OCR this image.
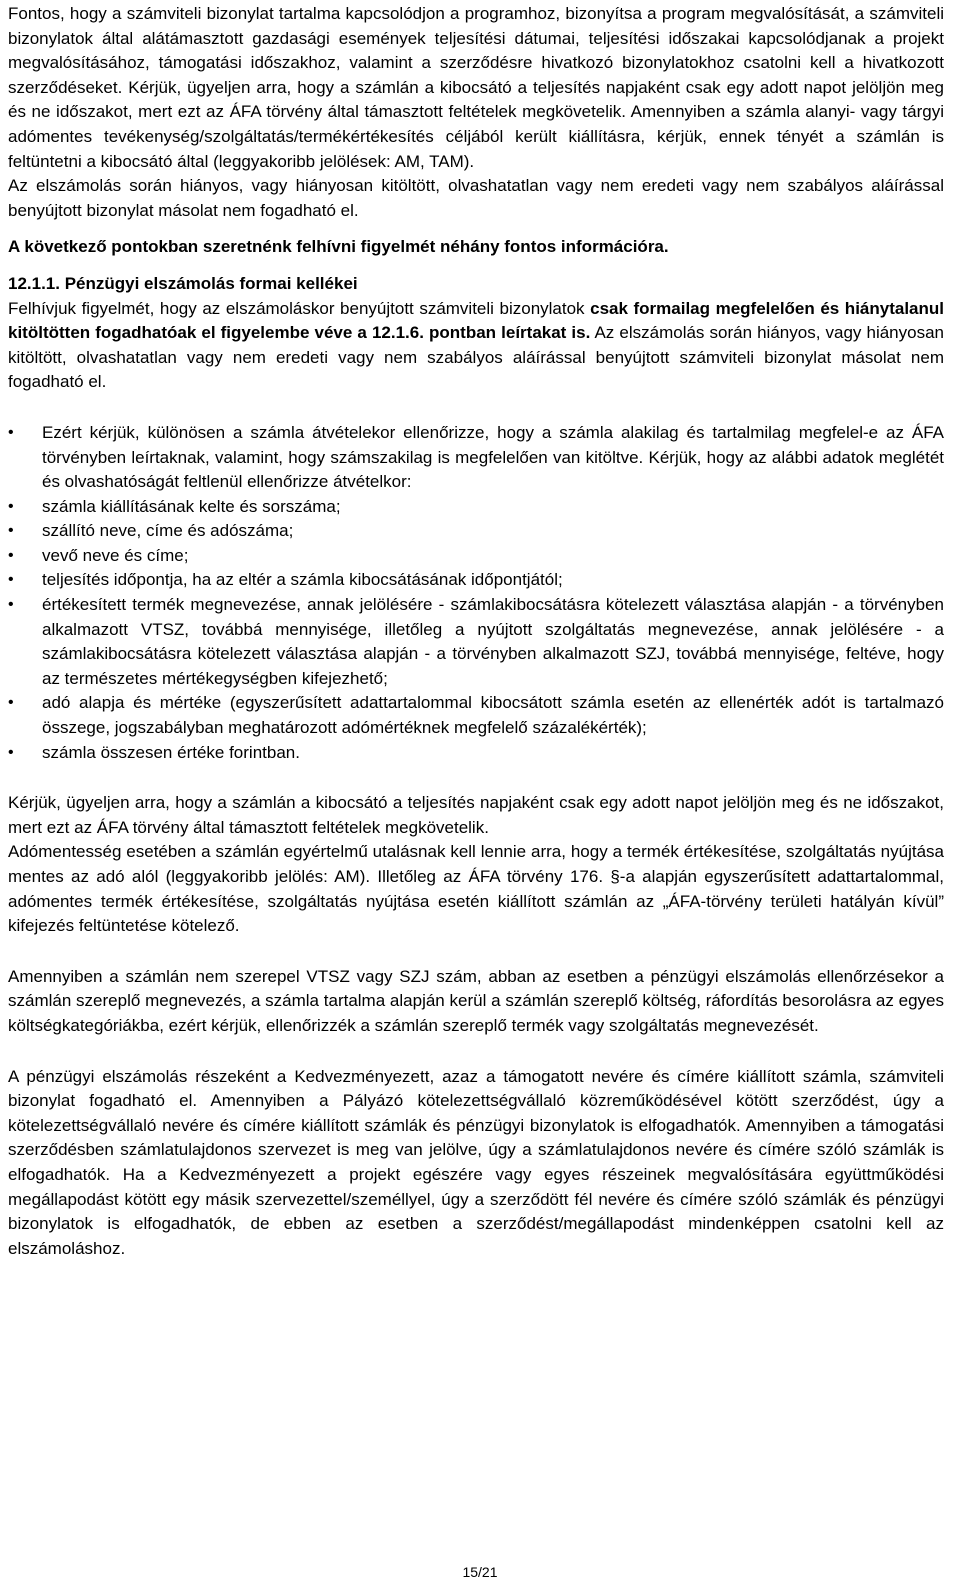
Fontos, hogy a számviteli bizonylat tartalma kapcsolódjon a programhoz, bizonyítsa a program megvalósítását, a számviteli bizonylatok által alátámasztott gazdasági események teljesítési dátumai, teljesítési időszakai kapcsolódjanak a projekt megvalósításához, támogatási időszakhoz, valamint a szerződésre hivatkozó bizonylatokhoz csatolni kell a hivatkozott szerződéseket. Kérjük, ügyeljen arra, hogy a számlán a kibocsátó a teljesítés napjaként csak egy adott napot jelöljön meg és ne időszakot, mert ezt az ÁFA törvény által támasztott feltételek megkövetelik. Amennyiben a számla alanyi- vagy tárgyi adómentes tevékenység/szolgáltatás/termékértékesítés céljából került kiállításra, kérjük, ennek tényét a számlán is feltüntetni a kibocsátó által (leggyakoribb jelölések: AM, TAM).

Az elszámolás során hiányos, vagy hiányosan kitöltött, olvashatatlan vagy nem eredeti vagy nem szabályos aláírással benyújtott bizonylat másolat nem fogadható el.

A következő pontokban szeretnénk felhívni figyelmét néhány fontos információra.

12.1.1. Pénzügyi elszámolás formai kellékei

Felhívjuk figyelmét, hogy az elszámoláskor benyújtott számviteli bizonylatok csak formailag megfelelően és hiánytalanul kitöltötten fogadhatóak el figyelembe véve a 12.1.6. pontban leírtakat is. Az elszámolás során hiányos, vagy hiányosan kitöltött, olvashatatlan vagy nem eredeti vagy nem szabályos aláírással benyújtott számviteli bizonylat másolat nem fogadható el.

•	Ezért kérjük, különösen a számla átvételekor ellenőrizze, hogy a számla alakilag és tartalmilag megfelel-e az ÁFA törvényben leírtaknak, valamint, hogy számszakilag is megfelelően van kitöltve. Kérjük, hogy az alábbi adatok meglétét és olvashatóságát feltlenül ellenőrizze átvételkor:
•	számla kiállításának kelte és sorszáma;
•	szállító neve, címe és adószáma;
•	vevő neve és címe;
•	teljesítés időpontja, ha az eltér a számla kibocsátásának időpontjától;
•	értékesített termék megnevezése, annak jelölésére - számlakibocsátásra kötelezett választása alapján - a törvényben alkalmazott VTSZ, továbbá mennyisége, illetőleg a nyújtott szolgáltatás megnevezése, annak jelölésére - a számlakibocsátásra kötelezett választása alapján - a törvényben alkalmazott SZJ, továbbá mennyisége, feltéve, hogy az természetes mértékegységben kifejezhető;
•	adó alapja és mértéke (egyszerűsített adattartalommal kibocsátott számla esetén az ellenérték adót is tartalmazó összege, jogszabályban meghatározott adómértéknek megfelelő százalékérték);
•	számla összesen értéke forintban.

Kérjük, ügyeljen arra, hogy a számlán a kibocsátó a teljesítés napjaként csak egy adott napot jelöljön meg és ne időszakot, mert ezt az ÁFA törvény által támasztott feltételek megkövetelik.

Adómentesség esetében a számlán egyértelmű utalásnak kell lennie arra, hogy a termék értékesítése, szolgáltatás nyújtása mentes az adó alól (leggyakoribb jelölés: AM). Illetőleg az ÁFA törvény 176. §-a alapján egyszerűsített adattartalommal, adómentes termék értékesítése, szolgáltatás nyújtása esetén kiállított számlán az „ÁFA-törvény területi hatályán kívül” kifejezés feltüntetése kötelező.

Amennyiben a számlán nem szerepel VTSZ vagy SZJ szám, abban az esetben a pénzügyi elszámolás ellenőrzésekor a számlán szereplő megnevezés, a számla tartalma alapján kerül a számlán szereplő költség, ráfordítás besorolásra az egyes költségkategóriákba, ezért kérjük, ellenőrizzék a számlán szereplő termék vagy szolgáltatás megnevezését.

A pénzügyi elszámolás részeként a Kedvezményezett, azaz a támogatott nevére és címére kiállított számla, számviteli bizonylat fogadható el. Amennyiben a Pályázó kötelezettségvállaló közreműködésével kötött szerződést, úgy a kötelezettségvállaló nevére és címére kiállított számlák és pénzügyi bizonylatok is elfogadhatók. Amennyiben a támogatási szerződésben számlatulajdonos szervezet is meg van jelölve, úgy a számlatulajdonos nevére és címére szóló számlák is elfogadhatók. Ha a Kedvezményezett a projekt egészére vagy egyes részeinek megvalósítására együttműködési megállapodást kötött egy másik szervezettel/személlyel, úgy a szerződött fél nevére és címére szóló számlák és pénzügyi bizonylatok is elfogadhatók, de ebben az esetben a szerződést/megállapodást mindenképpen csatolni kell az elszámoláshoz.

15/21
